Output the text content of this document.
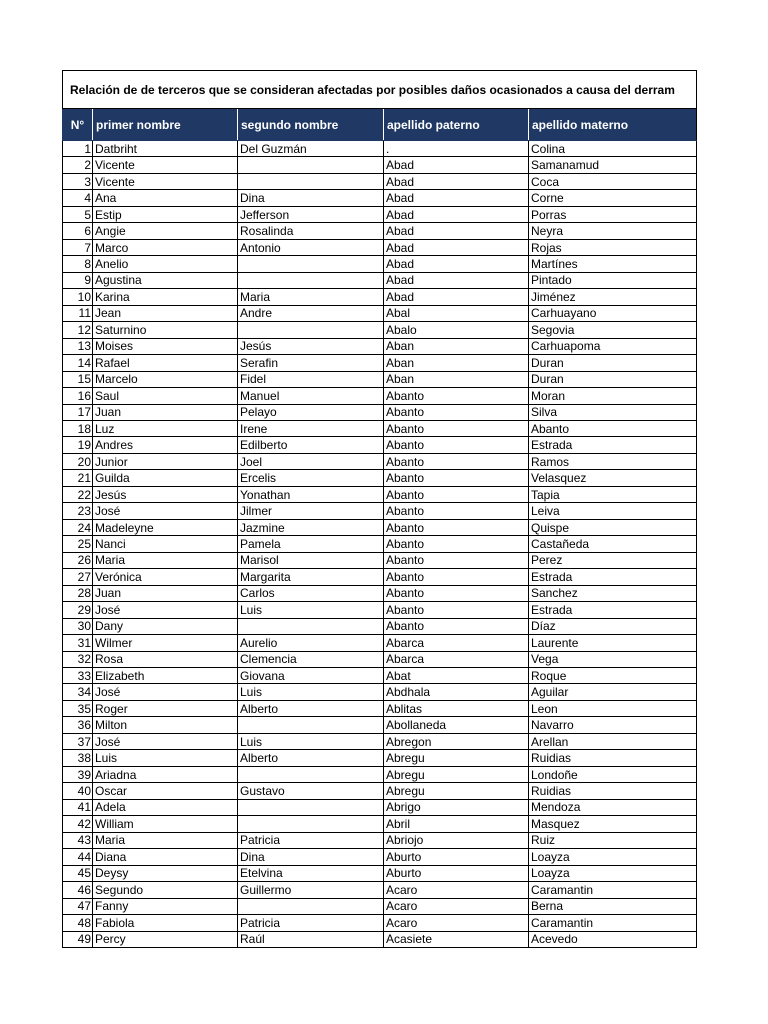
Relación de de terceros que se consideran afectadas por posibles daños ocasionados a causa del derram				
N°	primer nombre	segundo nombre	apellido paterno	apellido materno
1	Datbriht	Del Guzmán	.	Colina
2	Vicente		Abad	Samanamud
3	Vicente		Abad	Coca
4	Ana	Dina	Abad	Corne
5	Estip	Jefferson	Abad	Porras
6	Angie	Rosalinda	Abad	Neyra
7	Marco	Antonio	Abad	Rojas
8	Anelio		Abad	Martínes
9	Agustina		Abad	Pintado
10	Karina	Maria	Abad	Jiménez
11	Jean	Andre	Abal	Carhuayano
12	Saturnino		Abalo	Segovia
13	Moises	Jesús	Aban	Carhuapoma
14	Rafael	Serafin	Aban	Duran
15	Marcelo	Fidel	Aban	Duran
16	Saul	Manuel	Abanto	Moran
17	Juan	Pelayo	Abanto	Silva
18	Luz	Irene	Abanto	Abanto
19	Andres	Edilberto	Abanto	Estrada
20	Junior	Joel	Abanto	Ramos
21	Guilda	Ercelis	Abanto	Velasquez
22	Jesús	Yonathan	Abanto	Tapia
23	José	Jilmer	Abanto	Leiva
24	Madeleyne	Jazmine	Abanto	Quispe
25	Nanci	Pamela	Abanto	Castañeda
26	Maria	Marisol	Abanto	Perez
27	Verónica	Margarita	Abanto	Estrada
28	Juan	Carlos	Abanto	Sanchez
29	José	Luis	Abanto	Estrada
30	Dany		Abanto	Díaz
31	Wilmer	Aurelio	Abarca	Laurente
32	Rosa	Clemencia	Abarca	Vega
33	Elizabeth	Giovana	Abat	Roque
34	José	Luis	Abdhala	Aguilar
35	Roger	Alberto	Ablitas	Leon
36	Milton		Abollaneda	Navarro
37	José	Luis	Abregon	Arellan
38	Luis	Alberto	Abregu	Ruidias
39	Ariadna		Abregu	Londoñe
40	Oscar	Gustavo	Abregu	Ruidias
41	Adela		Abrigo	Mendoza
42	William		Abril	Masquez
43	Maria	Patricia	Abriojo	Ruiz
44	Diana	Dina	Aburto	Loayza
45	Deysy	Etelvina	Aburto	Loayza
46	Segundo	Guillermo	Acaro	Caramantin
47	Fanny		Acaro	Berna
48	Fabiola	Patricia	Acaro	Caramantin
49	Percy	Raúl	Acasiete	Acevedo
